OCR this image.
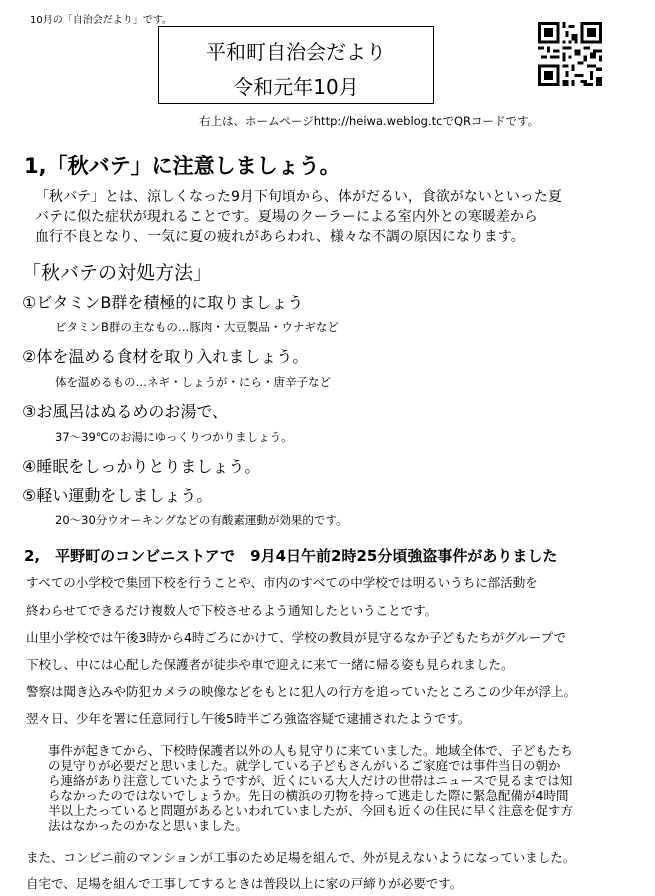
10月の「自治会だより」です。
平和町自治会だより
令和元年10月
右上は、ホームページhttp://heiwa.weblog.tcでQRコードです。
1,「秋バテ」に注意しましょう。
「秋バテ」とは、涼しくなった9月下旬頃から、体がだるい，食欲がないといった夏
バテに似た症状が現れることです。夏場のクーラーによる室内外との寒暖差から
血行不良となり、一気に夏の疲れがあらわれ、様々な不調の原因になります。
「秋バテの対処方法」
①ビタミンB群を積極的に取りましょう
ビタミンB群の主なもの…豚肉・大豆製品・ウナギなど
②体を温める食材を取り入れましょう。
体を温めるもの…ネギ・しょうが・にら・唐辛子など
③お風呂はぬるめのお湯で、
37～39℃のお湯にゆっくりつかりましょう。
④睡眠をしっかりとりましょう。
⑤軽い運動をしましょう。
20～30分ウオーキングなどの有酸素運動が効果的です。
2,　平野町のコンビニストアで　9月4日午前2時25分頃強盗事件がありました
すべての小学校で集団下校を行うことや、市内のすべての中学校では明るいうちに部活動を
終わらせてできるだけ複数人で下校させるよう通知したということです。
山里小学校では午後3時から4時ごろにかけて、学校の教員が見守るなか子どもたちがグループで
下校し、中には心配した保護者が徒歩や車で迎えに来て一緒に帰る姿も見られました。
警察は聞き込みや防犯カメラの映像などをもとに犯人の行方を追っていたところこの少年が浮上。
翌々日、少年を署に任意同行し午後5時半ごろ強盗容疑で逮捕されたようです。
事件が起きてから、下校時保護者以外の人も見守りに来ていました。地域全体で、子どもたち
の見守りが必要だと思いました。就学している子どもさんがいるご家庭では事件当日の朝か
ら連絡があり注意していたようですが、近くにいる大人だけの世帯はニュースで見るまでは知
らなかったのではないでしょうか。先日の横浜の刃物を持って逃走した際に緊急配備が4時間
半以上たっていると問題があるといわれていましたが、今回も近くの住民に早く注意を促す方
法はなかったのかなと思いました。
また、コンビニ前のマンションが工事のため足場を組んで、外が見えないようになっていました。
自宅で、足場を組んで工事してするときは普段以上に家の戸締りが必要です。
